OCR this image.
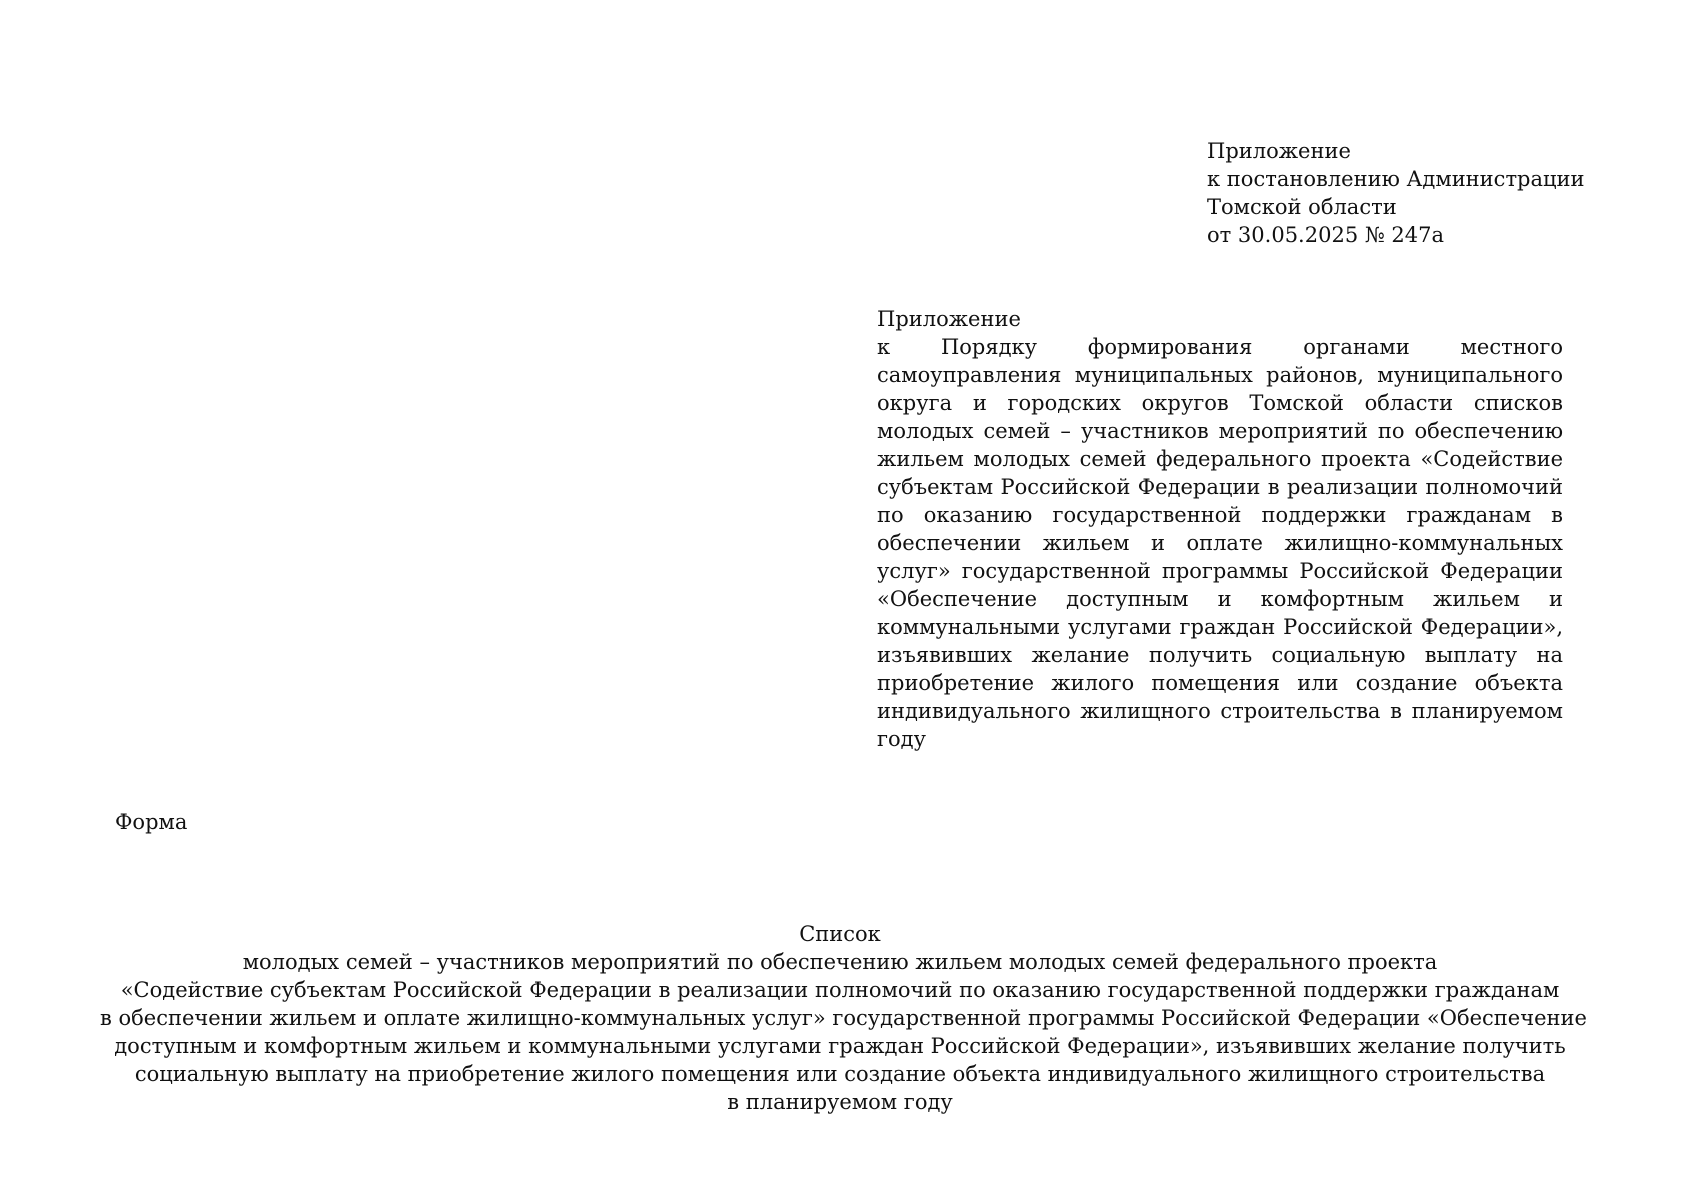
Приложение
к постановлению Администрации
Томской области
от 30.05.2025 № 247а
Приложение
к Порядку формирования органами местного самоуправления муниципальных районов, муниципального округа и городских округов Томской области списков молодых семей – участников мероприятий по обеспечению жильем молодых семей федерального проекта «Содействие субъектам Российской Федерации в реализации полномочий по оказанию государственной поддержки гражданам в обеспечении жильем и оплате жилищно-коммунальных услуг» государственной программы Российской Федерации «Обеспечение доступным и комфортным жильем и коммунальными услугами граждан Российской Федерации», изъявивших желание получить социальную выплату на приобретение жилого помещения или создание объекта индивидуального жилищного строительства в планируемом году
Форма
Список
молодых семей – участников мероприятий по обеспечению жильем молодых семей федерального проекта
«Содействие субъектам Российской Федерации в реализации полномочий по оказанию государственной поддержки гражданам
в обеспечении жильем и оплате жилищно-коммунальных услуг» государственной программы Российской Федерации «Обеспечение
доступным и комфортным жильем и коммунальными услугами граждан Российской Федерации», изъявивших желание получить
социальную выплату на приобретение жилого помещения или создание объекта индивидуального жилищного строительства
в планируемом году
